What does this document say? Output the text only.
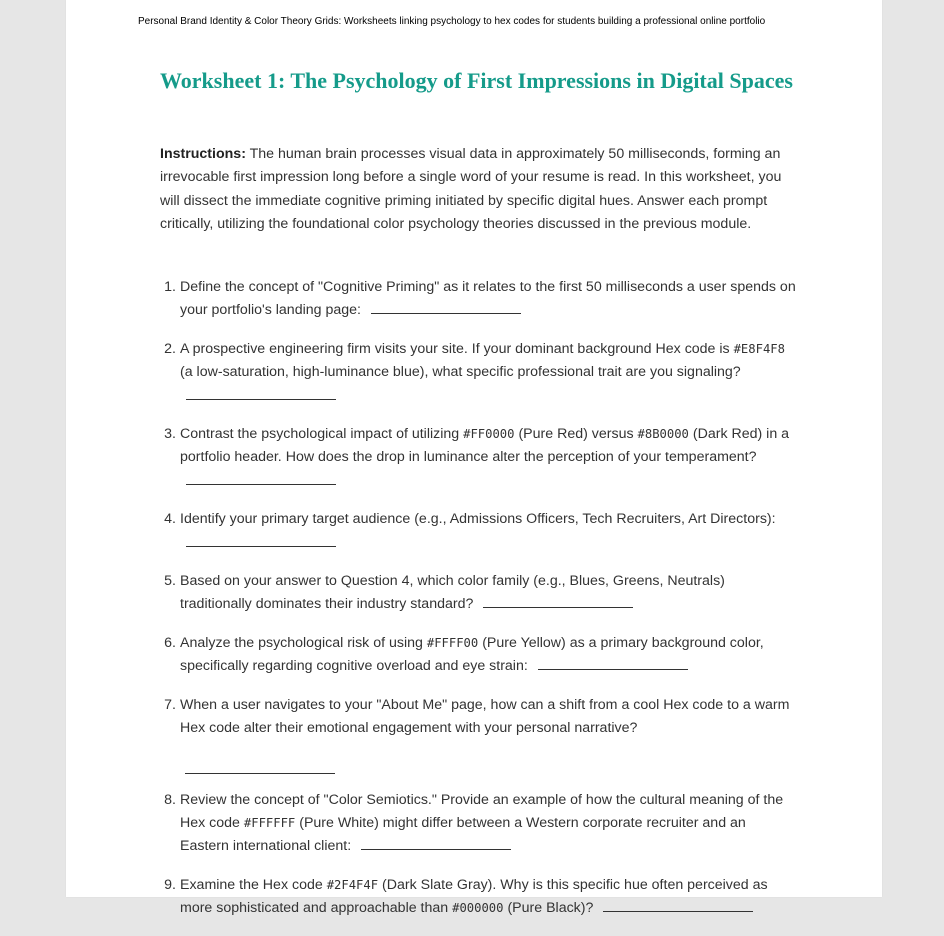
Personal Brand Identity & Color Theory Grids: Worksheets linking psychology to hex codes for students building a professional online portfolio
Worksheet 1: The Psychology of First Impressions in Digital Spaces

Instructions: The human brain processes visual data in approximately 50 milliseconds, forming an irrevocable first impression long before a single word of your resume is read. In this worksheet, you will dissect the immediate cognitive priming initiated by specific digital hues. Answer each prompt critically, utilizing the foundational color psychology theories discussed in the previous module.

1. Define the concept of "Cognitive Priming" as it relates to the first 50 milliseconds a user spends on your portfolio's landing page:
2. A prospective engineering firm visits your site. If your dominant background Hex code is #E8F4F8 (a low-saturation, high-luminance blue), what specific professional trait are you signaling?
3. Contrast the psychological impact of utilizing #FF0000 (Pure Red) versus #8B0000 (Dark Red) in a portfolio header. How does the drop in luminance alter the perception of your temperament?
4. Identify your primary target audience (e.g., Admissions Officers, Tech Recruiters, Art Directors):
5. Based on your answer to Question 4, which color family (e.g., Blues, Greens, Neutrals) traditionally dominates their industry standard?
6. Analyze the psychological risk of using #FFFF00 (Pure Yellow) as a primary background color, specifically regarding cognitive overload and eye strain:
7. When a user navigates to your "About Me" page, how can a shift from a cool Hex code to a warm Hex code alter their emotional engagement with your personal narrative?
8. Review the concept of "Color Semiotics." Provide an example of how the cultural meaning of the Hex code #FFFFFF (Pure White) might differ between a Western corporate recruiter and an Eastern international client:
9. Examine the Hex code #2F4F4F (Dark Slate Gray). Why is this specific hue often perceived as more sophisticated and approachable than #000000 (Pure Black)?
